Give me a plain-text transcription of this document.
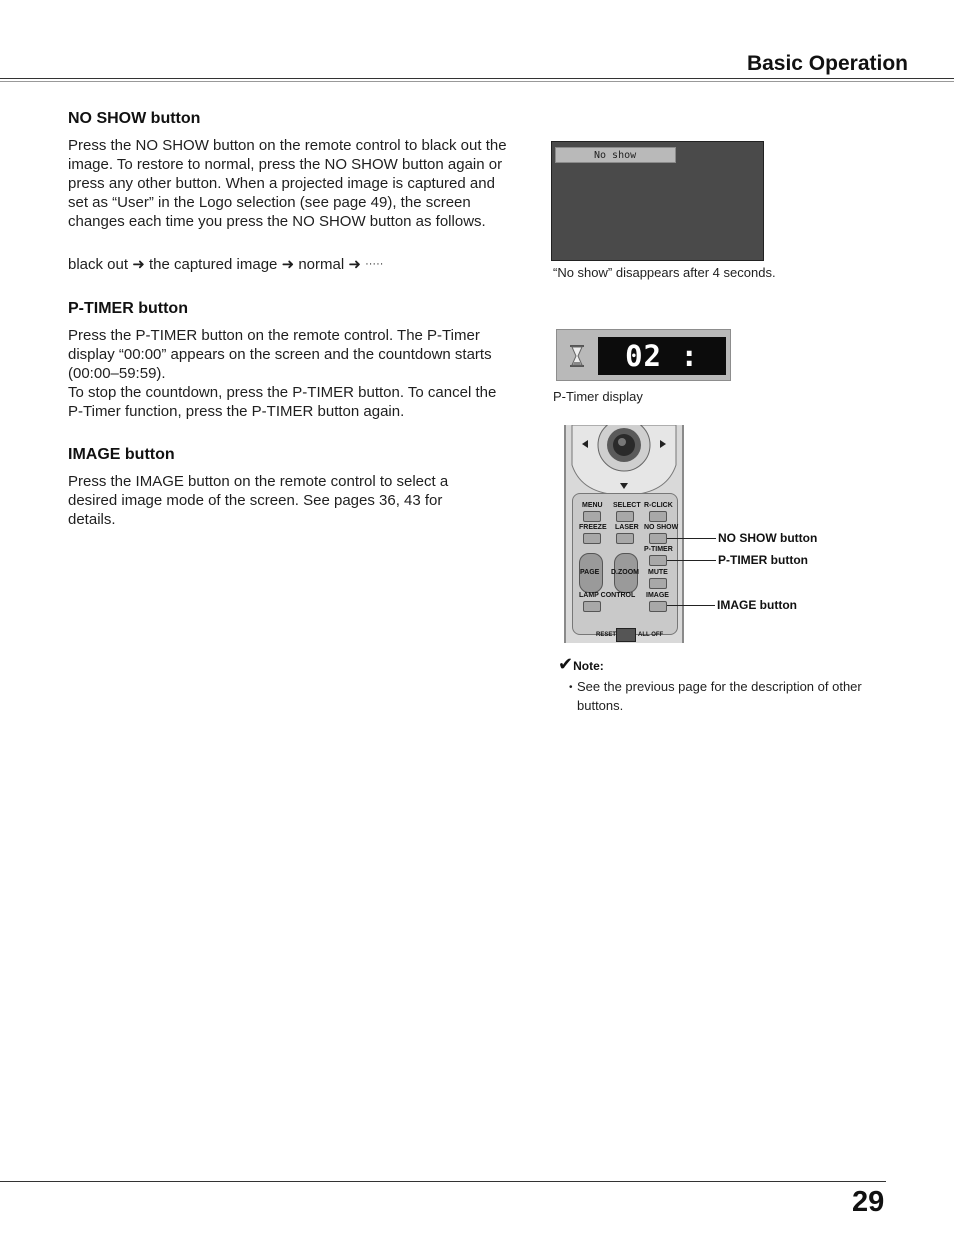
Basic Operation
NO SHOW button
Press the NO SHOW button on the remote control to black out the image. To restore to normal, press the NO SHOW button again or press any other button. When a projected image is captured and set as “User” in the Logo selection (see page 49), the screen changes each time you press the NO SHOW button as follows.
black out ➜ the captured image ➜ normal ➜ ·····
P-TIMER button
Press the P-TIMER button on the remote control. The P-Timer display “00:00” appears on the screen and the countdown starts (00:00–59:59).
To stop the countdown, press the P-TIMER button. To cancel the P-Timer function, press the P-TIMER button again.
IMAGE button
Press the IMAGE button on the remote control to select a desired image mode of the screen. See pages 36, 43 for details.
No show
“No show” disappears after 4 seconds.
02 : 02
P-Timer display
MENU SELECT R-CLICK
FREEZE LASER NO SHOW
P-TIMER
PAGE D.ZOOM MUTE
LAMP CONTROL IMAGE
RESET	ALL OFF
NO SHOW button
P-TIMER button
IMAGE button
✔Note:
• See the previous page for the description of other buttons.
29
